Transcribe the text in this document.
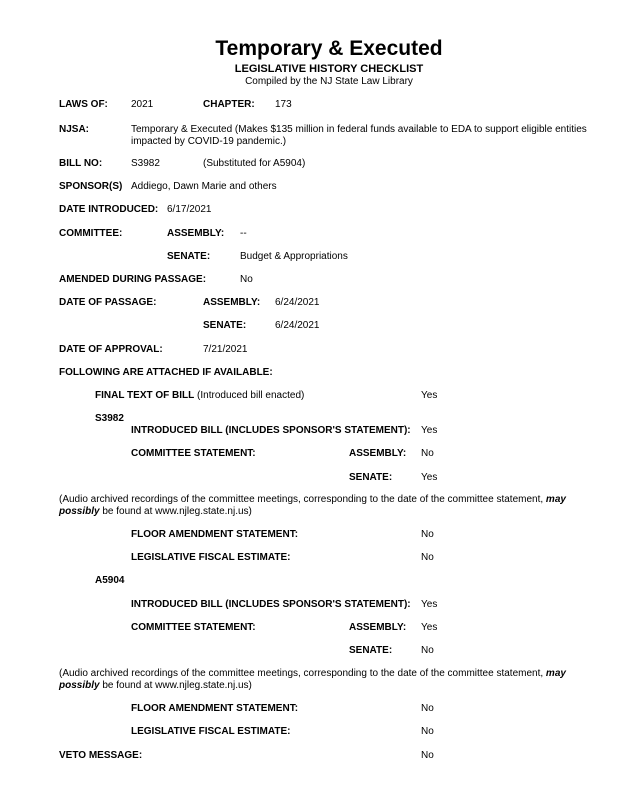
Temporary & Executed
LEGISLATIVE HISTORY CHECKLIST
Compiled by the NJ State Law Library
LAWS OF: 2021	CHAPTER: 173
NJSA:	Temporary & Executed (Makes $135 million in federal funds available to EDA to support eligible entities impacted by COVID-19 pandemic.)
BILL NO:	S3982	(Substituted for A5904)
SPONSOR(S) Addiego, Dawn Marie and others
DATE INTRODUCED: 6/17/2021
COMMITTEE:	ASSEMBLY: --
SENATE:	Budget & Appropriations
AMENDED DURING PASSAGE:	No
DATE OF PASSAGE:	ASSEMBLY: 6/24/2021
SENATE:	6/24/2021
DATE OF APPROVAL:	7/21/2021
FOLLOWING ARE ATTACHED IF AVAILABLE:
FINAL TEXT OF BILL (Introduced bill enacted)	Yes
S3982
INTRODUCED BILL (INCLUDES SPONSOR'S STATEMENT): Yes
COMMITTEE STATEMENT:	ASSEMBLY: No
SENATE:	Yes
(Audio archived recordings of the committee meetings, corresponding to the date of the committee statement, may possibly be found at www.njleg.state.nj.us)
FLOOR AMENDMENT STATEMENT:	No
LEGISLATIVE FISCAL ESTIMATE:	No
A5904
INTRODUCED BILL (INCLUDES SPONSOR'S STATEMENT): Yes
COMMITTEE STATEMENT:	ASSEMBLY: Yes
SENATE:	No
(Audio archived recordings of the committee meetings, corresponding to the date of the committee statement, may possibly be found at www.njleg.state.nj.us)
FLOOR AMENDMENT STATEMENT:	No
LEGISLATIVE FISCAL ESTIMATE:	No
VETO MESSAGE:	No
